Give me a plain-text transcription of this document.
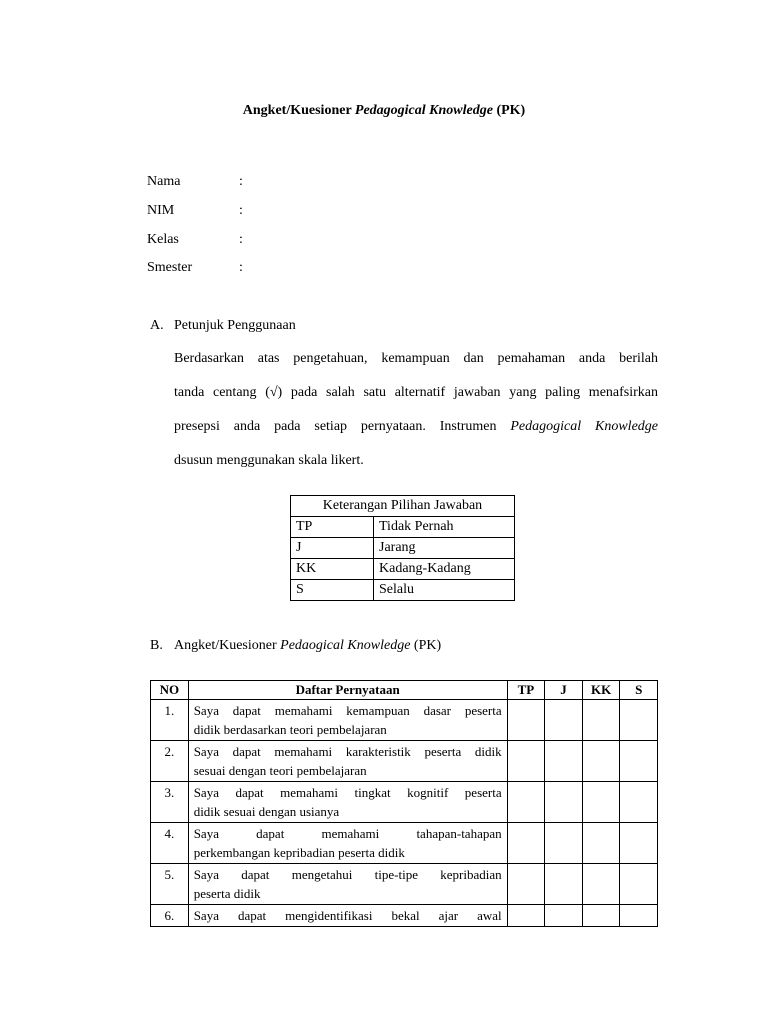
Angket/Kuesioner Pedagogical Knowledge (PK)
Nama	:
NIM	:
Kelas	:
Smester	:
A. Petunjuk Penggunaan
Berdasarkan atas pengetahuan, kemampuan dan pemahaman anda berilah
tanda centang (√) pada salah satu alternatif jawaban yang paling menafsirkan
presepsi anda pada setiap pernyataan. Instrumen Pedagogical Knowledge
dsusun menggunakan skala likert.
Keterangan Pilihan Jawaban	
TP	Tidak Pernah
J	Jarang
KK	Kadang-Kadang
S	Selalu
B. Angket/Kuesioner Pedaogical Knowledge (PK)
NO	Daftar Pernyataan	TP	J	KK	S
1.	Saya dapat memahami kemampuan dasar peserta
didik berdasarkan teori pembelajaran				

2.	Saya dapat memahami karakteristik peserta didik
sesuai dengan teori pembelajaran				

3.	Saya dapat memahami tingkat kognitif peserta
didik sesuai dengan usianya				

4.	Saya dapat memahami tahapan-tahapan
perkembangan kepribadian peserta didik				

5.	Saya dapat mengetahui tipe-tipe kepribadian
peserta didik				

6.	Saya dapat mengidentifikasi bekal ajar awal				
